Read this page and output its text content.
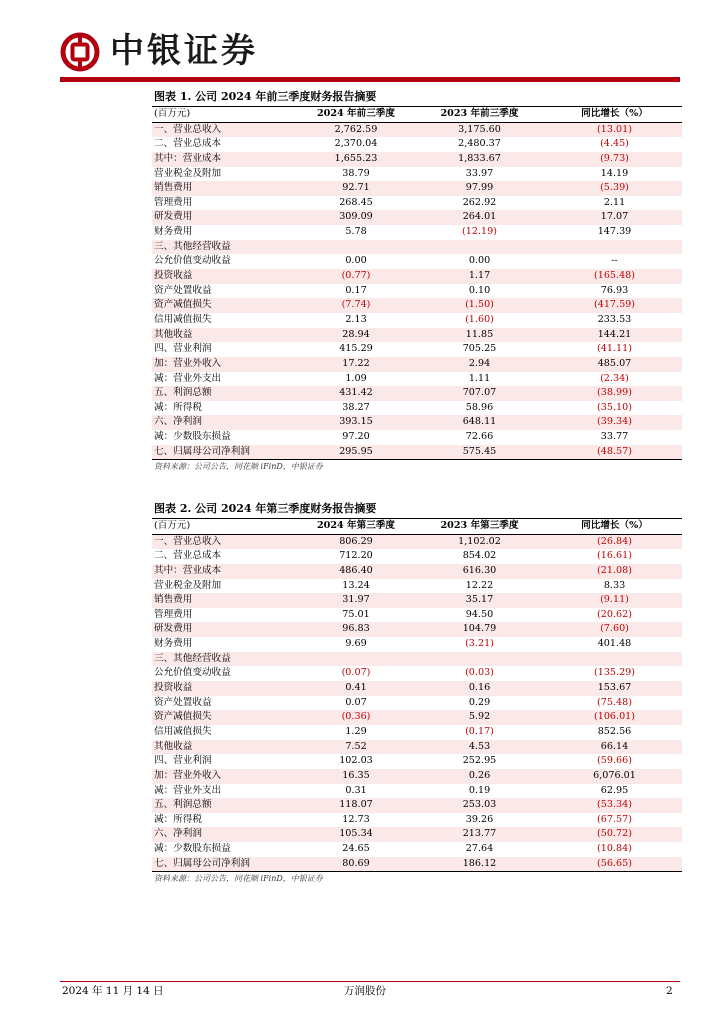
中银证券
图表 1. 公司 2024 年前三季度财务报告摘要
(百万元)	2024 年前三季度	2023 年前三季度	同比增长（%）
一、营业总收入	2,762.59	3,175.60	(13.01)
二、营业总成本	2,370.04	2,480.37	(4.45)
其中：营业成本	1,655.23	1,833.67	(9.73)
营业税金及附加	38.79	33.97	14.19
销售费用	92.71	97.99	(5.39)
管理费用	268.45	262.92	2.11
研发费用	309.09	264.01	17.07
财务费用	5.78	(12.19)	147.39
三、其他经营收益
公允价值变动收益	0.00	0.00	--
投资收益	(0.77)	1.17	(165.48)
资产处置收益	0.17	0.10	76.93
资产减值损失	(7.74)	(1.50)	(417.59)
信用减值损失	2.13	(1.60)	233.53
其他收益	28.94	11.85	144.21
四、营业利润	415.29	705.25	(41.11)
加：营业外收入	17.22	2.94	485.07
减：营业外支出	1.09	1.11	(2.34)
五、利润总额	431.42	707.07	(38.99)
减：所得税	38.27	58.96	(35.10)
六、净利润	393.15	648.11	(39.34)
减：少数股东损益	97.20	72.66	33.77
七、归属母公司净利润	295.95	575.45	(48.57)
资料来源：公司公告，同花顺 iFinD，中银证券
图表 2. 公司 2024 年第三季度财务报告摘要
(百万元)	2024 年第三季度	2023 年第三季度	同比增长（%）
一、营业总收入	806.29	1,102.02	(26.84)
二、营业总成本	712.20	854.02	(16.61)
其中：营业成本	486.40	616.30	(21.08)
营业税金及附加	13.24	12.22	8.33
销售费用	31.97	35.17	(9.11)
管理费用	75.01	94.50	(20.62)
研发费用	96.83	104.79	(7.60)
财务费用	9.69	(3.21)	401.48
三、其他经营收益
公允价值变动收益	(0.07)	(0.03)	(135.29)
投资收益	0.41	0.16	153.67
资产处置收益	0.07	0.29	(75.48)
资产减值损失	(0.36)	5.92	(106.01)
信用减值损失	1.29	(0.17)	852.56
其他收益	7.52	4.53	66.14
四、营业利润	102.03	252.95	(59.66)
加：营业外收入	16.35	0.26	6,076.01
减：营业外支出	0.31	0.19	62.95
五、利润总额	118.07	253.03	(53.34)
减：所得税	12.73	39.26	(67.57)
六、净利润	105.34	213.77	(50.72)
减：少数股东损益	24.65	27.64	(10.84)
七、归属母公司净利润	80.69	186.12	(56.65)
资料来源：公司公告，同花顺 iFinD，中银证券
2024 年 11 月 14 日	万润股份	2
